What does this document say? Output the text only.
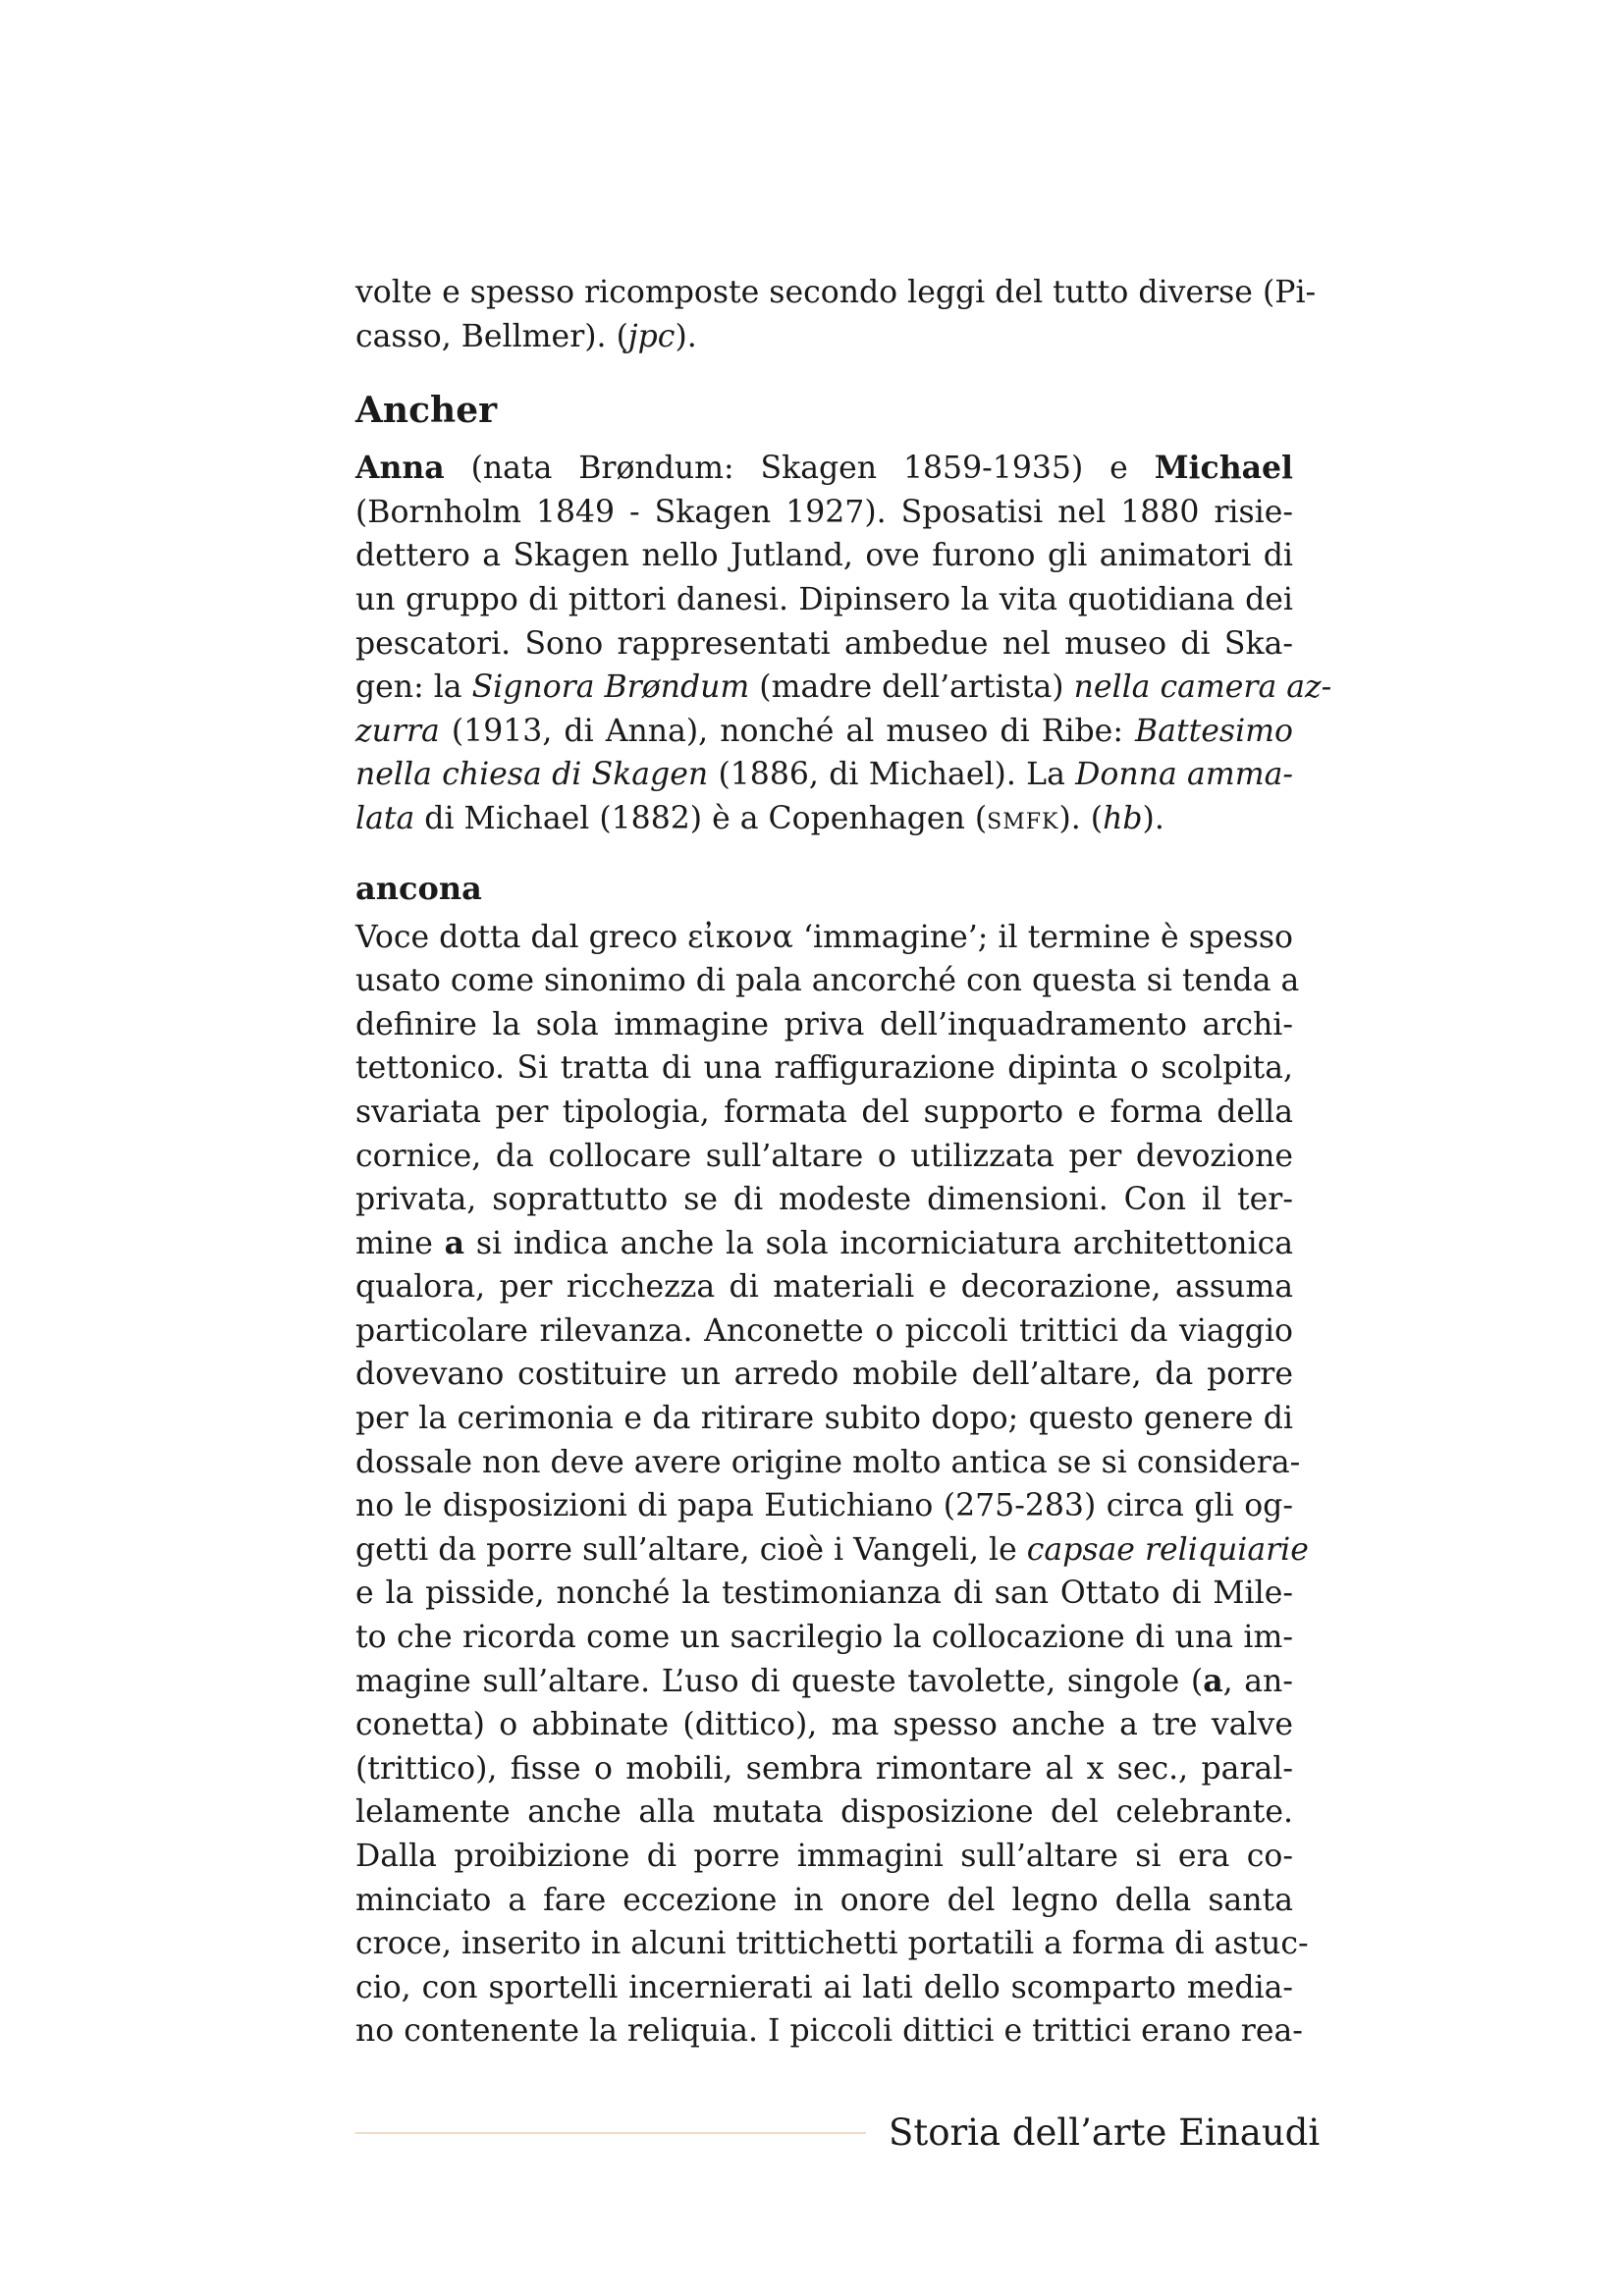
volte e spesso ricomposte secondo leggi del tutto diverse (Pi-
casso, Bellmer). (jpc).
Ancher
Anna (nata Brøndum: Skagen 1859-1935) e Michael
(Bornholm 1849 - Skagen 1927). Sposatisi nel 1880 risie-
dettero a Skagen nello Jutland, ove furono gli animatori di
un gruppo di pittori danesi. Dipinsero la vita quotidiana dei
pescatori. Sono rappresentati ambedue nel museo di Ska-
gen: la Signora Brøndum (madre dell’artista) nella camera az-
zurra (1913, di Anna), nonché al museo di Ribe: Battesimo
nella chiesa di Skagen (1886, di Michael). La Donna amma-
lata di Michael (1882) è a Copenhagen (SMFK). (hb).
ancona
Voce dotta dal greco εἰκονα ‘immagine’; il termine è spesso
usato come sinonimo di pala ancorché con questa si tenda a
definire la sola immagine priva dell’inquadramento archi-
tettonico. Si tratta di una raffigurazione dipinta o scolpita,
svariata per tipologia, formata del supporto e forma della
cornice, da collocare sull’altare o utilizzata per devozione
privata, soprattutto se di modeste dimensioni. Con il ter-
mine a si indica anche la sola incorniciatura architettonica
qualora, per ricchezza di materiali e decorazione, assuma
particolare rilevanza. Anconette o piccoli trittici da viaggio
dovevano costituire un arredo mobile dell’altare, da porre
per la cerimonia e da ritirare subito dopo; questo genere di
dossale non deve avere origine molto antica se si considera-
no le disposizioni di papa Eutichiano (275-283) circa gli og-
getti da porre sull’altare, cioè i Vangeli, le capsae reliquiarie
e la pisside, nonché la testimonianza di san Ottato di Mile-
to che ricorda come un sacrilegio la collocazione di una im-
magine sull’altare. L’uso di queste tavolette, singole (a, an-
conetta) o abbinate (dittico), ma spesso anche a tre valve
(trittico), fisse o mobili, sembra rimontare al x sec., paral-
lelamente anche alla mutata disposizione del celebrante.
Dalla proibizione di porre immagini sull’altare si era co-
minciato a fare eccezione in onore del legno della santa
croce, inserito in alcuni trittichetti portatili a forma di astuc-
cio, con sportelli incernierati ai lati dello scomparto media-
no contenente la reliquia. I piccoli dittici e trittici erano rea-
Storia dell’arte Einaudi
